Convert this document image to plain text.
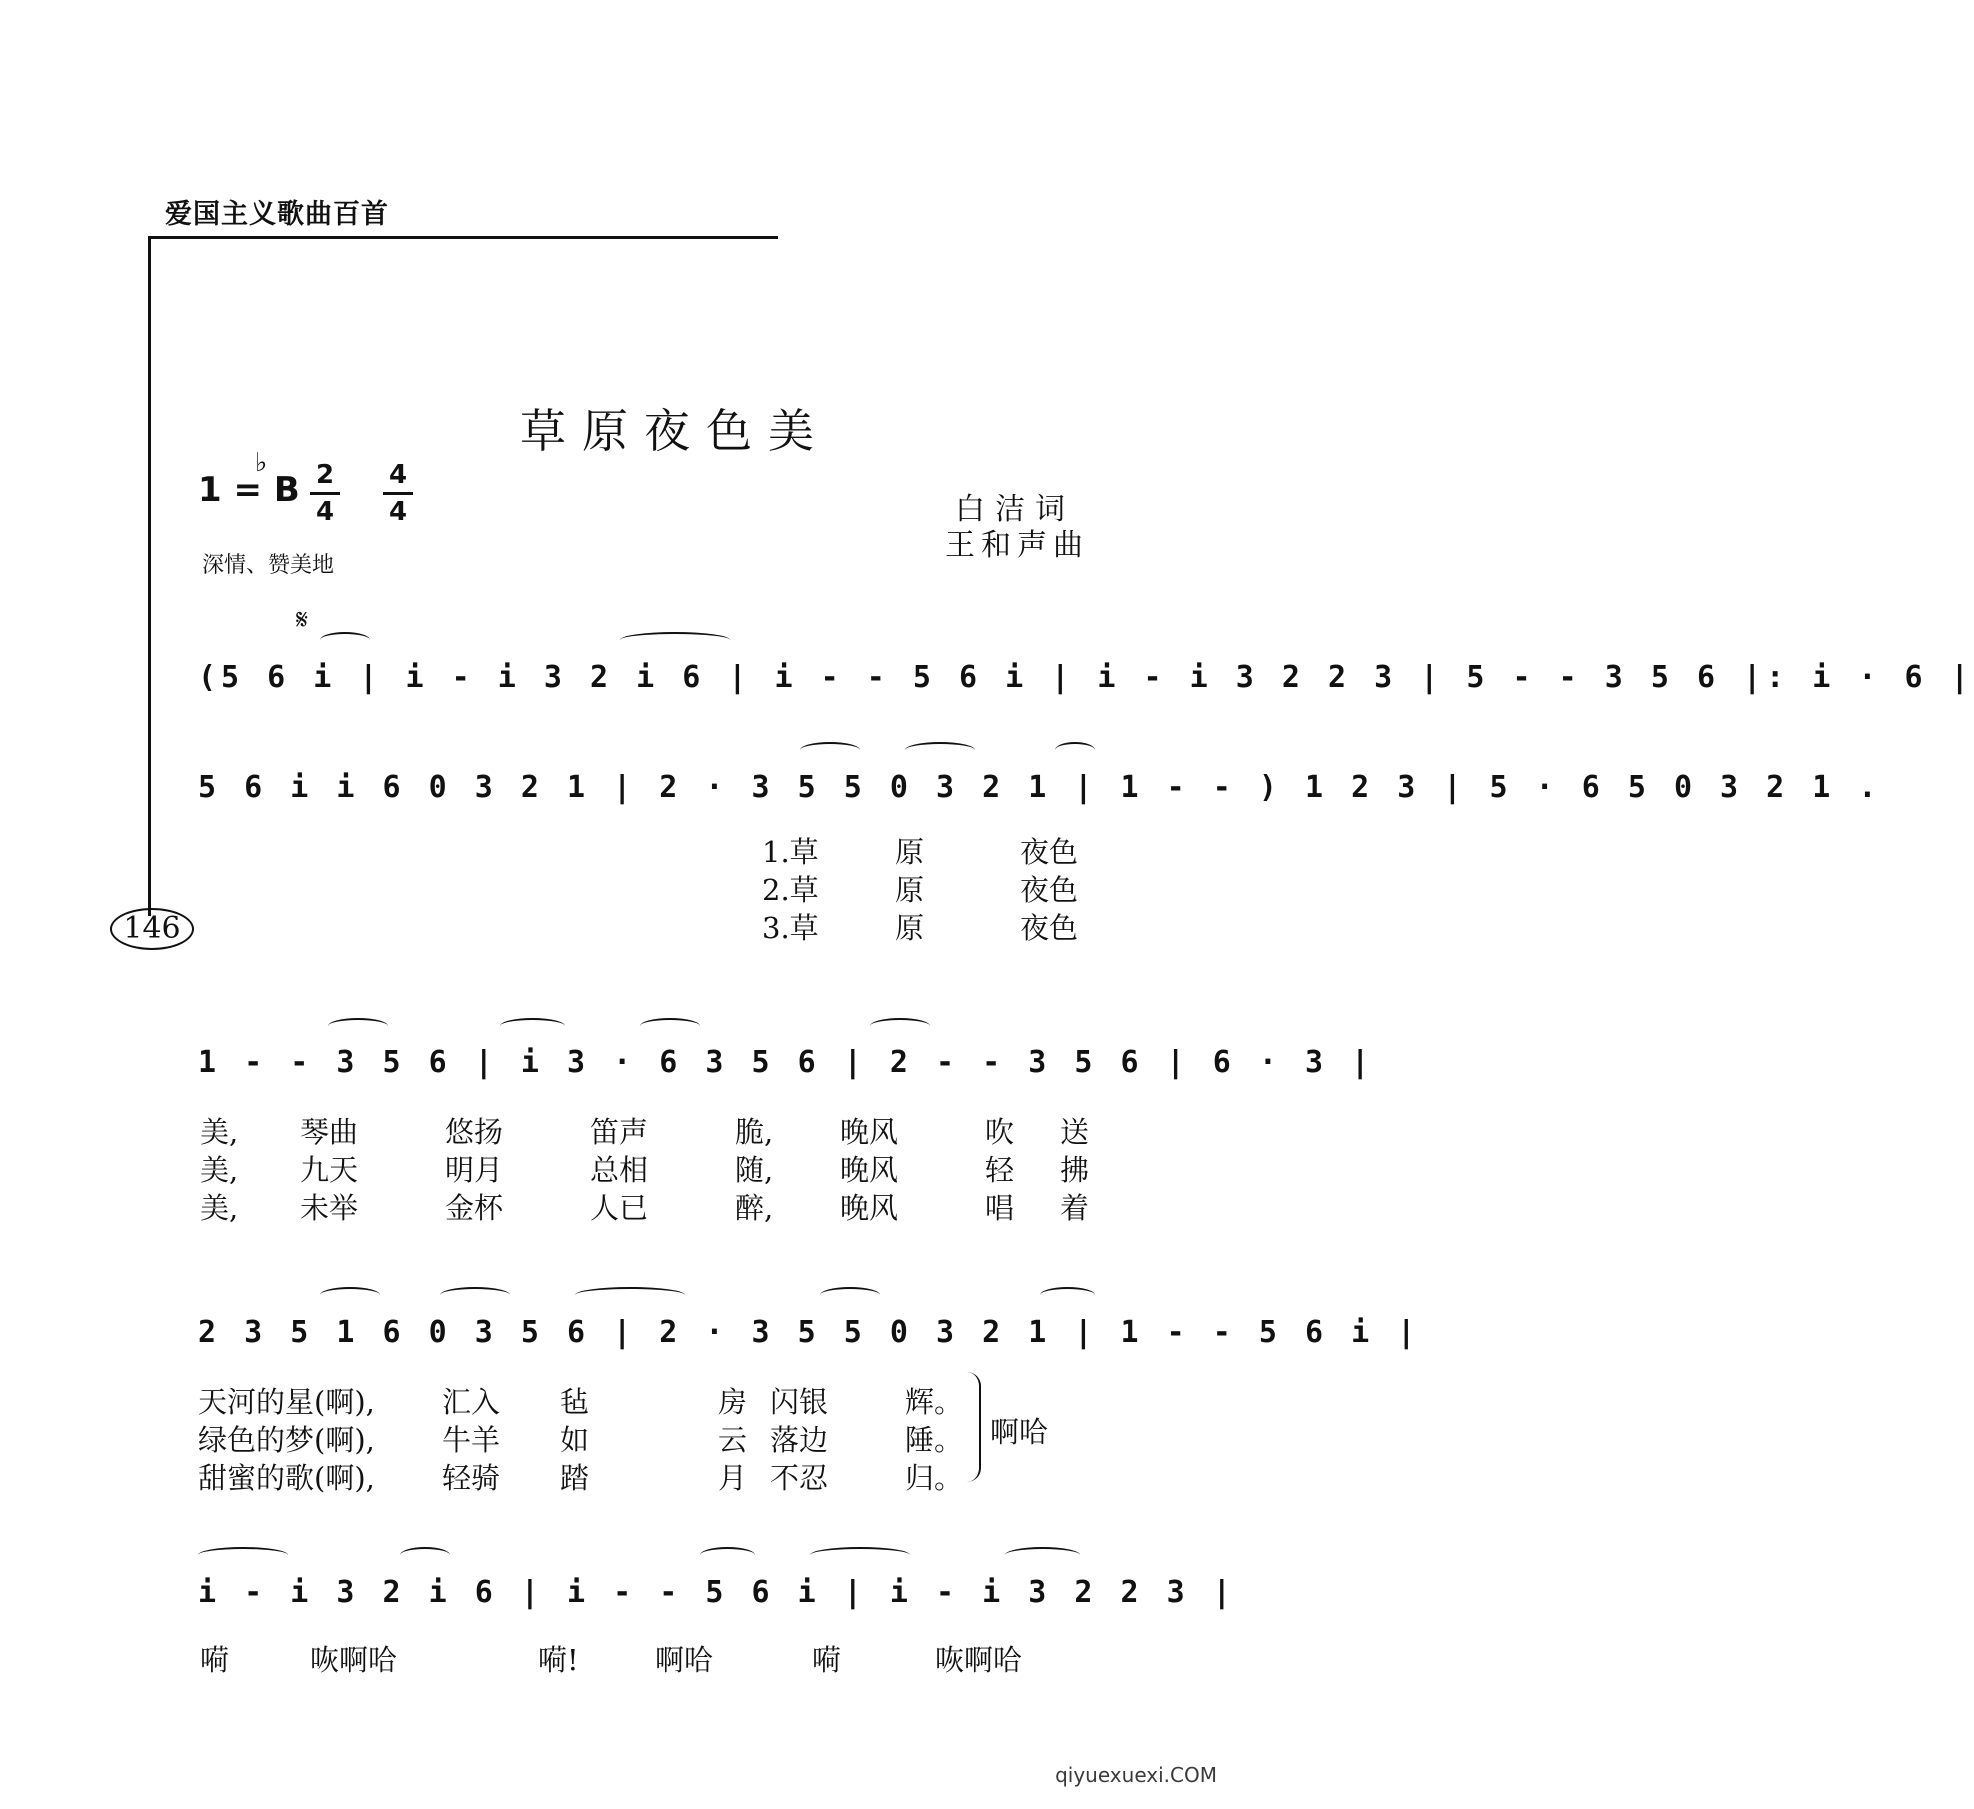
爱国主义歌曲百首
146
草原夜色美
♭
1 = B $\frac{2}{4} \frac{4}{4}$	白洁词
王和声曲
深情、赞美地
𝄋
(5 6 i | i - i 3 2 i 6 | i - - 5 6 i | i - i 3 2 2 3 | 5 - - 3 5 6 |: i · 6 |
5 6 i i 6 0 3 2 1 | 2 · 3 5 5 0 3 2 1 | 1 - - ) 1 2 3 | 5 · 6 5 0 3 2 1 .
1.草	原	夜色
2.草	原	夜色
3.草	原	夜色
1 - - 3 5 6 | i 3 · 6 3 5 6 | 2 - - 3 5 6 | 6 · 3 |
美, 琴曲	悠扬	笛声	脆, 晚风	吹 送
美, 九天	明月	总相	随, 晚风	轻 拂
美, 未举	金杯	人已	醉, 晚风	唱 着
2 3 5 1 6 0 3 5 6 | 2 · 3 5 5 0 3 2 1 | 1 - - 5 6 i |
天河的星(啊), 汇入 毡	房 闪银	辉。
绿色的梦(啊), 牛羊 如	云 落边	陲。
甜蜜的歌(啊), 轻骑 踏	月 不忍	归。
啊哈
i - i 3 2 i 6 | i - - 5 6 i | i - i 3 2 2 3 |
嗬	咴啊哈	嗬!	啊哈	嗬	咴啊哈
qiyuexuexi.COM
